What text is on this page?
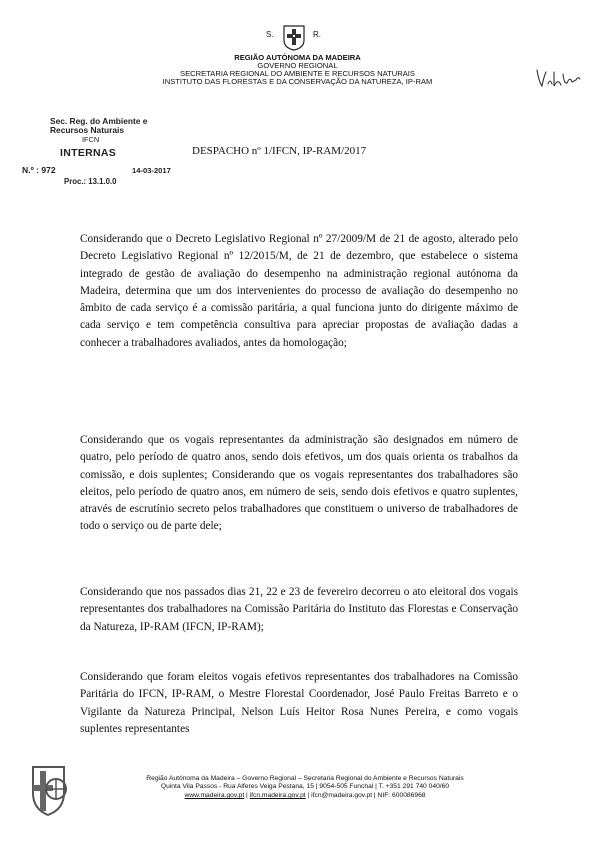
S.	R.
REGIÃO AUTÓNOMA DA MADEIRA
GOVERNO REGIONAL
SECRETARIA REGIONAL DO AMBIENTE E RECURSOS NATURAIS
INSTITUTO DAS FLORESTAS E DA CONSERVAÇÃO DA NATUREZA, IP-RAM
Sec. Reg. do Ambiente e
Recursos Naturais
IFCN
INTERNAS
N.º : 972	14-03-2017
Proc.: 13.1.0.0
DESPACHO nº 1/IFCN, IP-RAM/2017
Considerando que o Decreto Legislativo Regional nº 27/2009/M de 21 de agosto, alterado pelo Decreto Legislativo Regional nº 12/2015/M, de 21 de dezembro, que estabelece o sistema integrado de gestão de avaliação do desempenho na administração regional autónoma da Madeira, determina que um dos intervenientes do processo de avaliação do desempenho no âmbito de cada serviço é a comissão paritária, a qual funciona junto do dirigente máximo de cada serviço e tem competência consultiva para apreciar propostas de avaliação dadas a conhecer a trabalhadores avaliados, antes da homologação;
Considerando que os vogais representantes da administração são designados em número de quatro, pelo período de quatro anos, sendo dois efetivos, um dos quais orienta os trabalhos da comissão, e dois suplentes; Considerando que os vogais representantes dos trabalhadores são eleitos, pelo período de quatro anos, em número de seis, sendo dois efetivos e quatro suplentes, através de escrutínio secreto pelos trabalhadores que constituem o universo de trabalhadores de todo o serviço ou de parte dele;
Considerando que nos passados dias 21, 22 e 23 de fevereiro decorreu o ato eleitoral dos vogais representantes dos trabalhadores na Comissão Paritária do Instituto das Florestas e Conservação da Natureza, IP-RAM (IFCN, IP-RAM);
Considerando que foram eleitos vogais efetivos representantes dos trabalhadores na Comissão Paritária do IFCN, IP-RAM, o Mestre Florestal Coordenador, José Paulo Freitas Barreto e o Vigilante da Natureza Principal, Nelson Luís Heitor Rosa Nunes Pereira, e como vogais suplentes representantes
Região Autónoma da Madeira – Governo Regional – Secretaria Regional do Ambiente e Recursos Naturais
Quinta Vila Passos - Rua Alferes Veiga Pestana, 15 | 9054-505 Funchal | T. +351 291 740 040/60
www.madeira.gov.pt | ifcn.madeira.gov.pt | ifcn@madeira.gov.pt | NIF: 600086968
